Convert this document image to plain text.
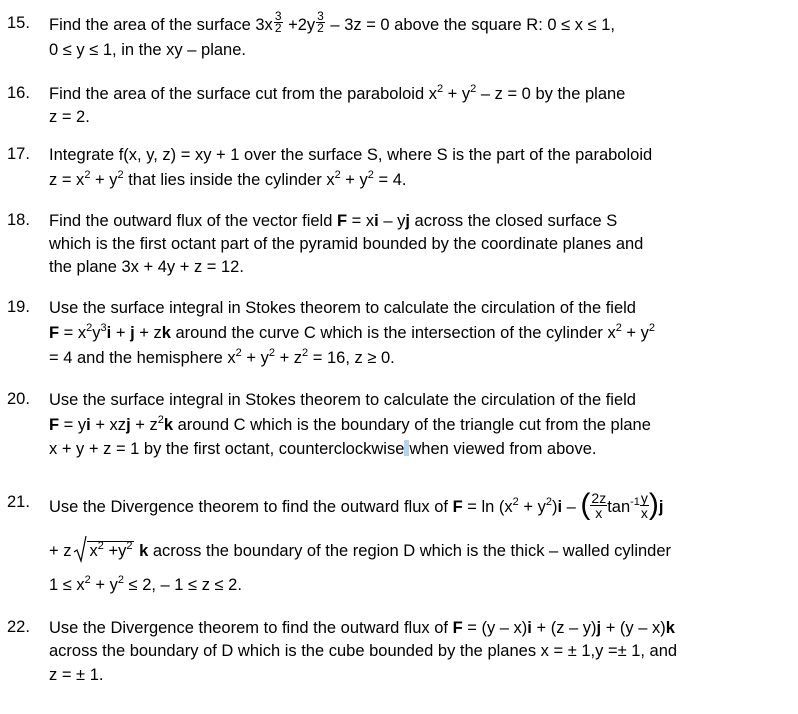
15. Find the area of the surface $3x \frac{3}{2} +2y \frac{3}{2} - 3z = 0$ above the square R: 0 ≤ x ≤ 1,
0 ≤ y ≤ 1, in the xy – plane.
16. Find the area of the surface cut from the paraboloid $x^2 + y^2 - z = 0$ by the plane
z = 2.
17. Integrate f(x, y, z) = xy + 1 over the surface S, where S is the part of the paraboloid
$z = x^2 + y^2$ that lies inside the cylinder $x^2 + y^2 = 4$.
18. Find the outward flux of the vector field F = xi – yj across the closed surface S
which is the first octant part of the pyramid bounded by the coordinate planes and
the plane 3x + 4y + z = 12.
19. Use the surface integral in Stokes theorem to calculate the circulation of the field
$F = x^2y^3i + j$ + zk around the curve C which is the intersection of the cylinder $x^2 + y^2$
= 4 and the hemisphere $x^2 + y^2 + z^2 = 16$, z ≥ 0.
20. Use the surface integral in Stokes theorem to calculate the circulation of the field
F = yi + xzj + $z^2k$ around C which is the boundary of the triangle cut from the plane
x + y + z = 1 by the first octant, counterclockwise when viewed from above.
21. Use the Divergence theorem to find the outward flux of $F = \ln (x^2 + y^2)i$ – ( $\frac{2z}{x} \tan^{-1} \frac{y}{x} )j$
+ z $x^2 +y^2$ k across the boundary of the region D which is the thick – walled cylinder
$1 \le x^2 + y^2 \le 2$, – 1 ≤ z ≤ 2.
22. Use the Divergence theorem to find the outward flux of F = (y – x)i + (z – y)j + (y – x)k
across the boundary of D which is the cube bounded by the planes x = ± 1,y =± 1, and
z = ± 1.
